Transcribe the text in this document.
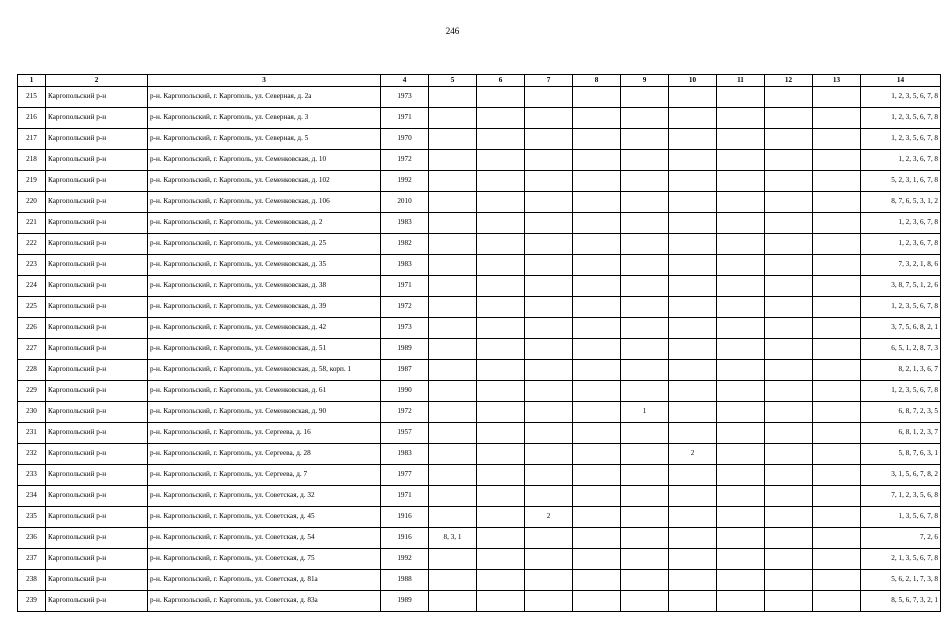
246
1	2	3	4	5	6	7	8	9	10	11	12	13	14
215	Каргопольский р-н	р-н. Каргопольский, г. Каргополь, ул. Северная, д. 2а	1973										1, 2, 3, 5, 6, 7, 8
216	Каргопольский р-н	р-н. Каргопольский, г. Каргополь, ул. Северная, д. 3	1971										1, 2, 3, 5, 6, 7, 8
217	Каргопольский р-н	р-н. Каргопольский, г. Каргополь, ул. Северная, д. 5	1970										1, 2, 3, 5, 6, 7, 8
218	Каргопольский р-н	р-н. Каргопольский, г. Каргополь, ул. Семенковская, д. 10	1972										1, 2, 3, 6, 7, 8
219	Каргопольский р-н	р-н. Каргопольский, г. Каргополь, ул. Семенковская, д. 102	1992										5, 2, 3, 1, 6, 7, 8
220	Каргопольский р-н	р-н. Каргопольский, г. Каргополь, ул. Семенковская, д. 106	2010										8, 7, 6, 5, 3, 1, 2
221	Каргопольский р-н	р-н. Каргопольский, г. Каргополь, ул. Семенковская, д. 2	1983										1, 2, 3, 6, 7, 8
222	Каргопольский р-н	р-н. Каргопольский, г. Каргополь, ул. Семенковская, д. 25	1982										1, 2, 3, 6, 7, 8
223	Каргопольский р-н	р-н. Каргопольский, г. Каргополь, ул. Семенковская, д. 35	1983										7, 3, 2, 1, 8, 6
224	Каргопольский р-н	р-н. Каргопольский, г. Каргополь, ул. Семенковская, д. 38	1971										3, 8, 7, 5, 1, 2, 6
225	Каргопольский р-н	р-н. Каргопольский, г. Каргополь, ул. Семенковская, д. 39	1972										1, 2, 3, 5, 6, 7, 8
226	Каргопольский р-н	р-н. Каргопольский, г. Каргополь, ул. Семенковская, д. 42	1973										3, 7, 5, 6, 8, 2, 1
227	Каргопольский р-н	р-н. Каргопольский, г. Каргополь, ул. Семенковская, д. 51	1989										6, 5, 1, 2, 8, 7, 3
228	Каргопольский р-н	р-н. Каргопольский, г. Каргополь, ул. Семенковская, д. 58, корп. 1	1987										8, 2, 1, 3, 6, 7
229	Каргопольский р-н	р-н. Каргопольский, г. Каргополь, ул. Семенковская, д. 61	1990										1, 2, 3, 5, 6, 7, 8
230	Каргопольский р-н	р-н. Каргопольский, г. Каргополь, ул. Семенковская, д. 90	1972					1					6, 8, 7, 2, 3, 5
231	Каргопольский р-н	р-н. Каргопольский, г. Каргополь, ул. Сергеева, д. 16	1957										6, 8, 1, 2, 3, 7
232	Каргопольский р-н	р-н. Каргопольский, г. Каргополь, ул. Сергеева, д. 28	1983						2				5, 8, 7, 6, 3, 1
233	Каргопольский р-н	р-н. Каргопольский, г. Каргополь, ул. Сергеева, д. 7	1977										3, 1, 5, 6, 7, 8, 2
234	Каргопольский р-н	р-н. Каргопольский, г. Каргополь, ул. Советская, д. 32	1971										7, 1, 2, 3, 5, 6, 8
235	Каргопольский р-н	р-н. Каргопольский, г. Каргополь, ул. Советская, д. 45	1916			2							1, 3, 5, 6, 7, 8
236	Каргопольский р-н	р-н. Каргопольский, г. Каргополь, ул. Советская, д. 54	1916	8, 3, 1									7, 2, 6
237	Каргопольский р-н	р-н. Каргопольский, г. Каргополь, ул. Советская, д. 75	1992										2, 1, 3, 5, 6, 7, 8
238	Каргопольский р-н	р-н. Каргопольский, г. Каргополь, ул. Советская, д. 81а	1988										5, 6, 2, 1, 7, 3, 8
239	Каргопольский р-н	р-н. Каргопольский, г. Каргополь, ул. Советская, д. 83а	1989										8, 5, 6, 7, 3, 2, 1
